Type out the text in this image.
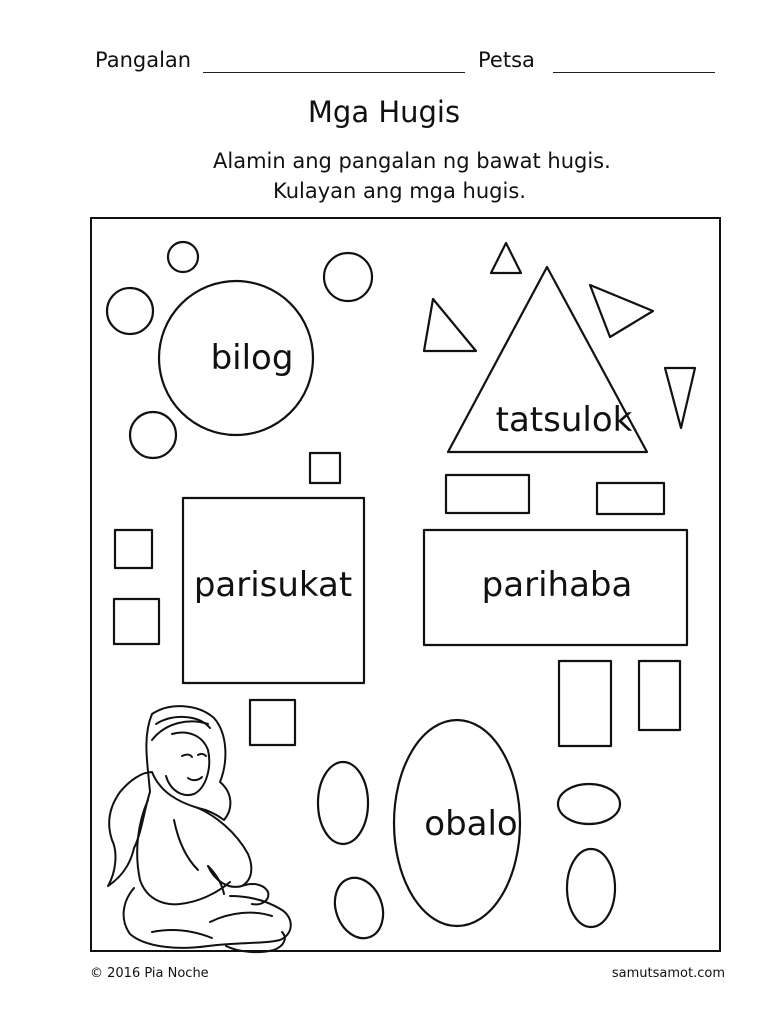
Pangalan	Petsa
Mga Hugis
Alamin ang pangalan ng bawat hugis.
Kulayan ang mga hugis.
bilog
tatsulok
parisukat	parihaba
obalo
© 2016 Pia Noche	samutsamot.com
